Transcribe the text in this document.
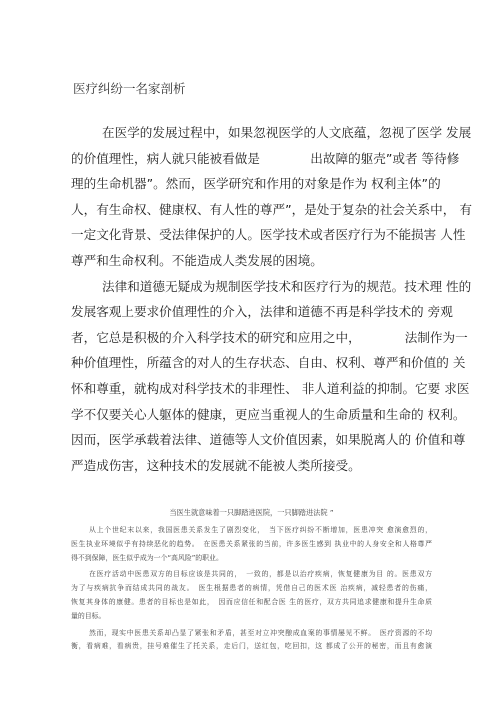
医疗纠纷一名家剖析
在医学的发展过程中，如果忽视医学的人文底蕴，忽视了医学 发展
的价值理性，病人就只能被看做是　　　　出故障的躯壳”或者 等待修
理的生命机器”。然而，医学研究和作用的对象是作为 权利主体”的
人，有生命权、健康权、有人性的尊严”，是处于复杂的社会关系中， 有
一定文化背景、受法律保护的人。医学技术或者医疗行为不能损害 人性
尊严和生命权利。不能造成人类发展的困境。
法律和道德无疑成为规制医学技术和医疗行为的规范。技术理 性的
发展客观上要求价值理性的介入，法律和道德不再是科学技术的 旁观
者，它总是积极的介入科学技术的研究和应用之中，　　　　法制作为一
种价值理性，所蕴含的对人的生存状态、自由、权利、尊严和价值的 关
怀和尊重，就构成对科学技术的非理性、 非人道利益的抑制。它要 求医
学不仅要关心人躯体的健康，更应当重视人的生命质量和生命的 权利。
因而，医学承载着法律、道德等人文价值因素，如果脱离人的 价值和尊
严造成伤害，这种技术的发展就不能被人类所接受。
当医生就意味着一只脚踏进医院，一只脚踏进法院 ”
从上个世纪末以来，我国医患关系发生了剧烈变化，　当下医疗纠纷不断增加，医患冲突 愈演愈烈的，
医生执业环境似乎有持续恶化的趋势。　在医患关系紧张的当前，许多医生感到 执业中的人身安全和人格尊严
得不到保障，医生似乎成为一个“高风险”的职业。
在医疗活动中医患双方的目标应该是共同的，　一致的，都是以治疗疾病，恢复健康为目 的。医患双方
为了与疾病抗争而结成共同的战友。　医生根据患者的病情，凭借自己的医术医 治疾病，减轻患者的伤痛，
恢复其身体的康健。患者的目标也是如此，　因而应信任和配合医 生的医疗，双方共同追求健康和提升生命质
量的目标。
然而，现实中医患关系却凸显了紧张和矛盾，甚至对立冲突酿成血案的事情屡见不鲜。　医疗资源的不均
衡，看病难，看病贵，挂号难催生了托关系，走后门，送红包，吃回扣，这 都成了公开的秘密，而且有愈演
